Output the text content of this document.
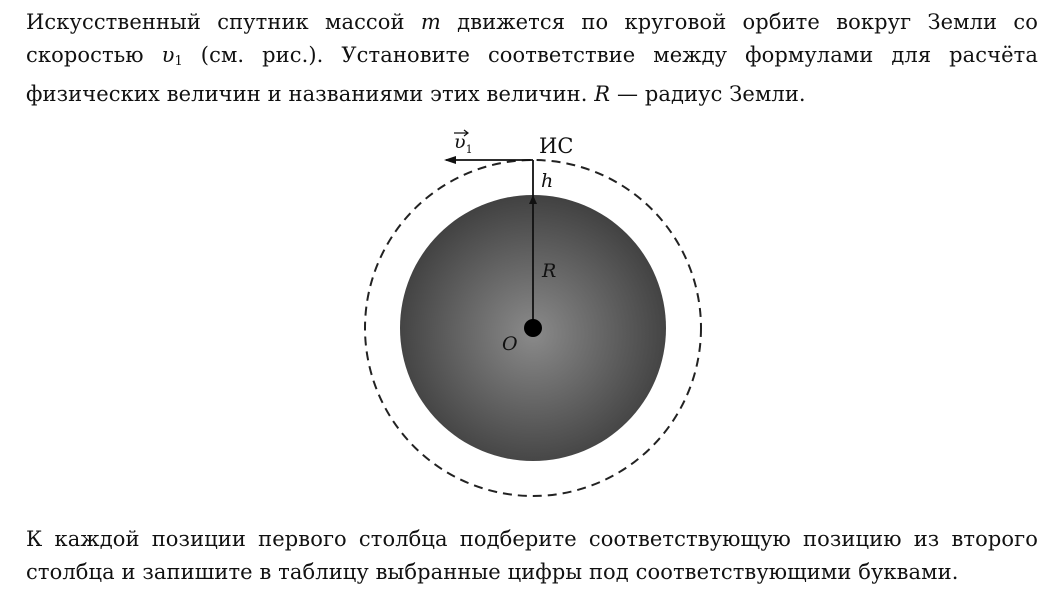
Искусственный спутник массой m движется по круговой орбите вокруг Земли со скоростью $\upsilon_1$ (см. рис.). Установите соответствие между формулами для расчёта физических величин и названиями этих величин. R — радиус Земли.

ИС
$\upsilon_1$
h
R
O

К каждой позиции первого столбца подберите соответствующую позицию из второго столбца и запишите в таблицу выбранные цифры под соответствующими буквами.
